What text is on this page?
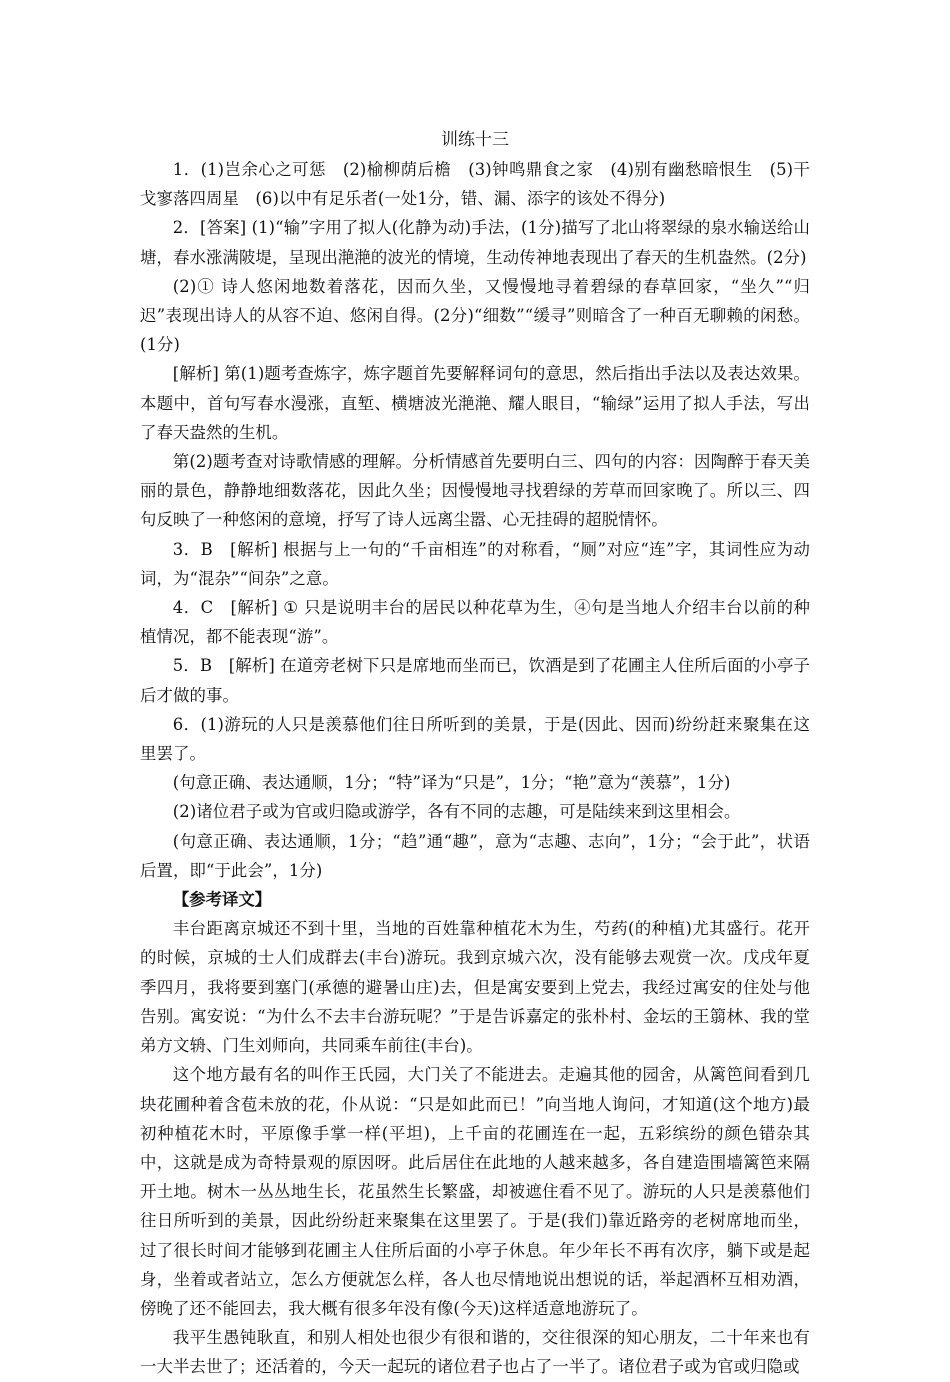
训练十三

1．(1)岂余心之可惩　(2)榆柳荫后檐　(3)钟鸣鼎食之家　(4)别有幽愁暗恨生　(5)干戈寥落四周星　(6)以中有足乐者(一处1分，错、漏、添字的该处不得分)

2．[答案] (1)“输”字用了拟人(化静为动)手法，(1分)描写了北山将翠绿的泉水输送给山塘，春水涨满陂堤，呈现出滟滟的波光的情境，生动传神地表现出了春天的生机盎然。(2分)

(2)① 诗人悠闲地数着落花，因而久坐，又慢慢地寻着碧绿的春草回家，“坐久”“归迟”表现出诗人的从容不迫、悠闲自得。(2分)“细数”“缓寻”则暗含了一种百无聊赖的闲愁。(1分)

[解析] 第(1)题考查炼字，炼字题首先要解释词句的意思，然后指出手法以及表达效果。本题中，首句写春水漫涨，直堑、横塘波光滟滟、耀人眼目，“输绿”运用了拟人手法，写出了春天盎然的生机。

第(2)题考查对诗歌情感的理解。分析情感首先要明白三、四句的内容：因陶醉于春天美丽的景色，静静地细数落花，因此久坐；因慢慢地寻找碧绿的芳草而回家晚了。所以三、四句反映了一种悠闲的意境，抒写了诗人远离尘嚣、心无挂碍的超脱情怀。

3．B　[解析] 根据与上一句的“千亩相连”的对称看，“厕”对应“连”字，其词性应为动词，为“混杂”“间杂”之意。

4．C　[解析] ① 只是说明丰台的居民以种花草为生，④句是当地人介绍丰台以前的种植情况，都不能表现“游”。

5．B　[解析] 在道旁老树下只是席地而坐而已，饮酒是到了花圃主人住所后面的小亭子后才做的事。

6．(1)游玩的人只是羡慕他们往日所听到的美景，于是(因此、因而)纷纷赶来聚集在这里罢了。

(句意正确、表达通顺，1分；“特”译为“只是”，1分；“艳”意为“羡慕”，1分)

(2)诸位君子或为官或归隐或游学，各有不同的志趣，可是陆续来到这里相会。

(句意正确、表达通顺，1分；“趋”通“趣”，意为“志趣、志向”，1分；“会于此”，状语后置，即“于此会”，1分)

【参考译文】

丰台距离京城还不到十里，当地的百姓靠种植花木为生，芍药(的种植)尤其盛行。花开的时候，京城的士人们成群去(丰台)游玩。我到京城六次，没有能够去观赏一次。戊戌年夏季四月，我将要到塞门(承德的避暑山庄)去，但是寓安要到上党去，我经过寓安的住处与他告别。寓安说：“为什么不去丰台游玩呢？”于是告诉嘉定的张朴村、金坛的王篛林、我的堂弟方文辀、门生刘师向，共同乘车前往(丰台)。

这个地方最有名的叫作王氏园，大门关了不能进去。走遍其他的园舍，从篱笆间看到几块花圃种着含苞未放的花，仆从说：“只是如此而已！”向当地人询问，才知道(这个地方)最初种植花木时，平原像手掌一样(平坦)，上千亩的花圃连在一起，五彩缤纷的颜色错杂其中，这就是成为奇特景观的原因呀。此后居住在此地的人越来越多，各自建造围墙篱笆来隔开土地。树木一丛丛地生长，花虽然生长繁盛，却被遮住看不见了。游玩的人只是羡慕他们往日所听到的美景，因此纷纷赶来聚集在这里罢了。于是(我们)靠近路旁的老树席地而坐，过了很长时间才能够到花圃主人住所后面的小亭子休息。年少年长不再有次序，躺下或是起身，坐着或者站立，怎么方便就怎么样，各人也尽情地说出想说的话，举起酒杯互相劝酒，傍晚了还不能回去，我大概有很多年没有像(今天)这样适意地游玩了。

我平生愚钝耿直，和别人相处也很少有很和谐的，交往很深的知心朋友，二十年来也有一大半去世了；还活着的，今天一起玩的诸位君子也占了一半了。诸位君子或为官或归隐或
